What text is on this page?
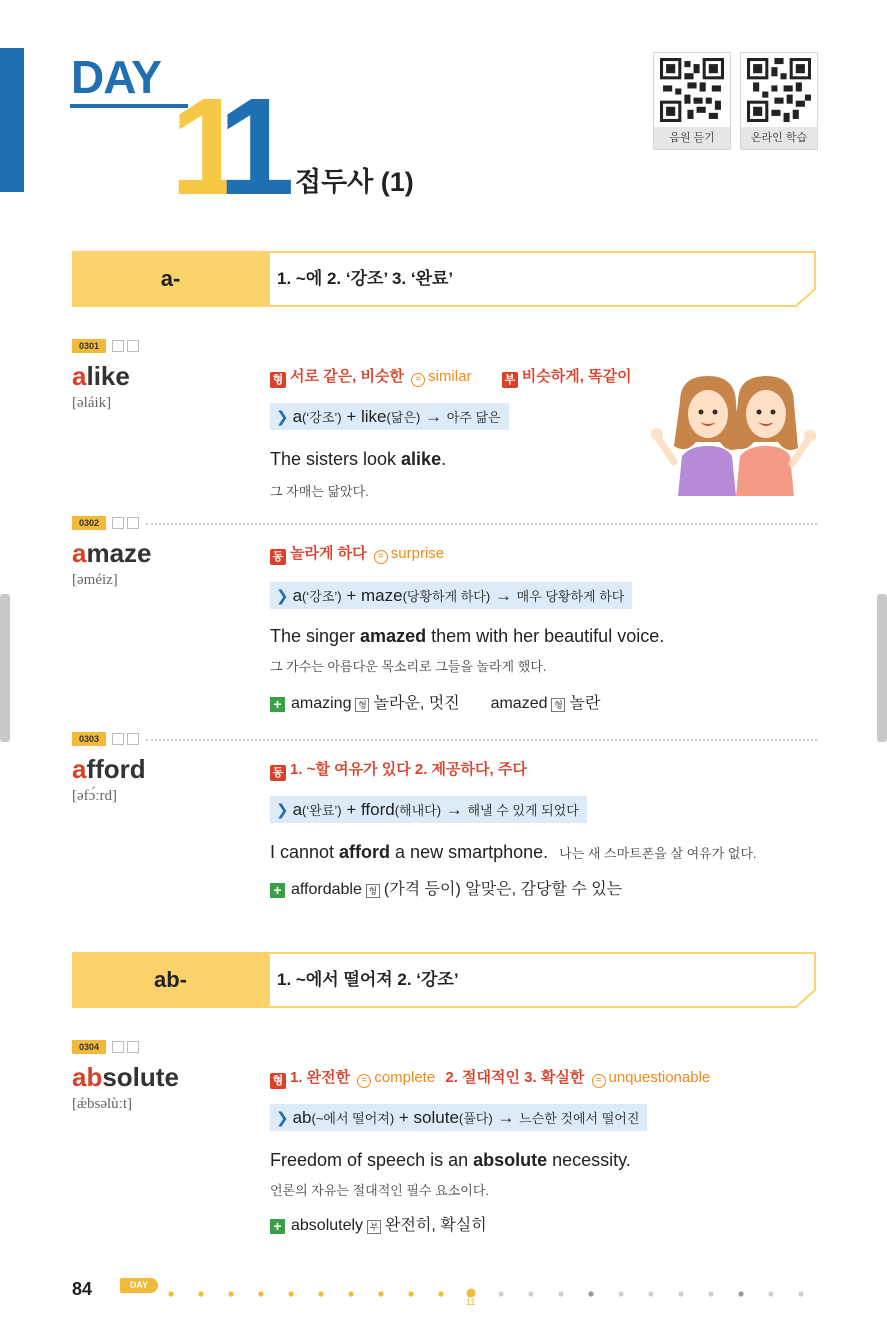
DAY 1
1 접두사 (1)
음원 듣기	온라인 학습
a-	1. ~에 2. ‘강조’ 3. ‘완료’
0301
alike
[əláik]
형 서로 같은, 비슷한 = similar	부 비슷하게, 똑같이
❯ a(‘강조’) + like(닮은) → 아주 닮은
The sisters look alike.
그 자매는 닮았다.
0302
amaze
[əméiz]
동 놀라게 하다 = surprise
❯ a(‘강조’) + maze(당황하게 하다) → 매우 당황하게 하다
The singer amazed them with her beautiful voice.
그 가수는 아름다운 목소리로 그들을 놀라게 했다.
+ amazing 형 놀라운, 멋진 amazed 형 놀란
0303
afford
[əfɔ́ːrd]
동 1. ~할 여유가 있다 2. 제공하다, 주다
❯ a(‘완료’) + fford(해내다) → 해낼 수 있게 되었다
I cannot afford a new smartphone. 나는 새 스마트폰을 살 여유가 없다.
+ affordable 형 (가격 등이) 알맞은, 감당할 수 있는
ab-	1. ~에서 떨어져 2. ‘강조’
0304
absolute
[ǽbsəlùːt]
형 1. 완전한 = complete 2. 절대적인 3. 확실한 = unquestionable
❯ ab(~에서 떨어져) + solute(풀다) → 느슨한 것에서 떨어진
Freedom of speech is an absolute necessity.
언론의 자유는 절대적인 필수 요소이다.
+ absolutely 부 완전히, 확실히
84	DAY
11
